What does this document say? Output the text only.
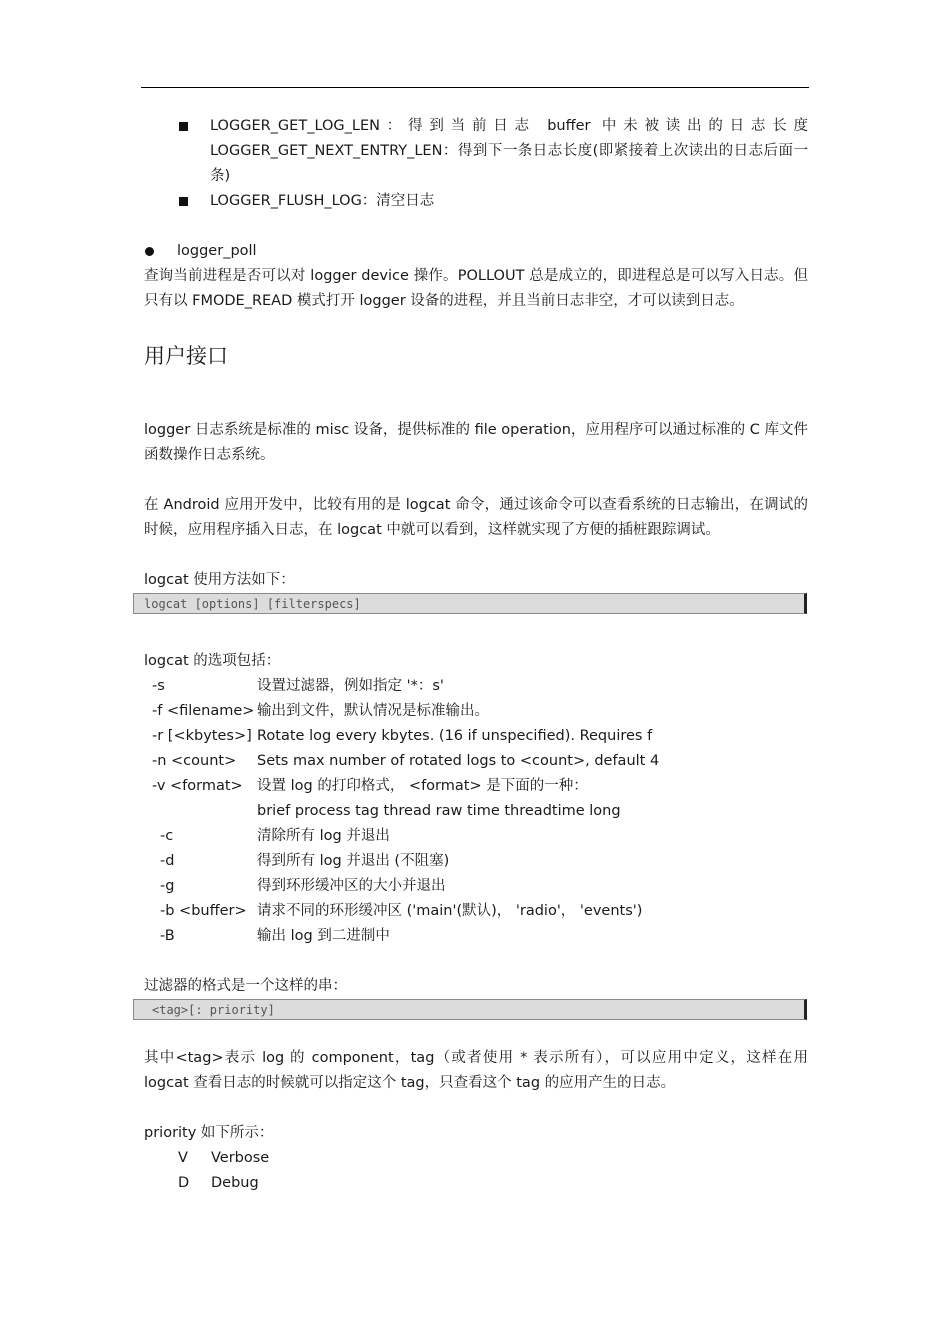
LOGGER_GET_LOG_LEN：得到当前日志 buffer 中未被读出的日志长度 LOGGER_GET_NEXT_ENTRY_LEN：得到下一条日志长度(即紧接着上次读出的日志后面一条)
LOGGER_FLUSH_LOG：清空日志
logger_poll
查询当前进程是否可以对 logger device 操作。POLLOUT 总是成立的，即进程总是可以写入日志。但只有以 FMODE_READ 模式打开 logger 设备的进程，并且当前日志非空，才可以读到日志。
用户接口
logger 日志系统是标准的 misc 设备，提供标准的 file operation，应用程序可以通过标准的 C 库文件函数操作日志系统。
在 Android 应用开发中，比较有用的是 logcat 命令，通过该命令可以查看系统的日志输出，在调试的时候，应用程序插入日志，在 logcat 中就可以看到，这样就实现了方便的插桩跟踪调试。
logcat 使用方法如下：
logcat [options] [filterspecs]
logcat 的选项包括：
-s	设置过滤器，例如指定 '*：s'
-f <filename> 输出到文件，默认情况是标准输出。
-r [<kbytes>] Rotate log every kbytes. (16 if unspecified). Requires f
-n <count>	Sets max number of rotated logs to <count>, default 4
-v <format> 设置 log 的打印格式， <format> 是下面的一种：
brief process tag thread raw time threadtime long
-c	清除所有 log 并退出
-d	得到所有 log 并退出 (不阻塞)
-g	得到环形缓冲区的大小并退出
-b <buffer> 请求不同的环形缓冲区 ('main'(默认)， 'radio'， 'events')
-B	输出 log 到二进制中
过滤器的格式是一个这样的串：
<tag>[: priority]
其中<tag>表示 log 的 component，tag（或者使用 * 表示所有），可以应用中定义，这样在用 logcat 查看日志的时候就可以指定这个 tag，只查看这个 tag 的应用产生的日志。
priority 如下所示：
V	Verbose
D	Debug
